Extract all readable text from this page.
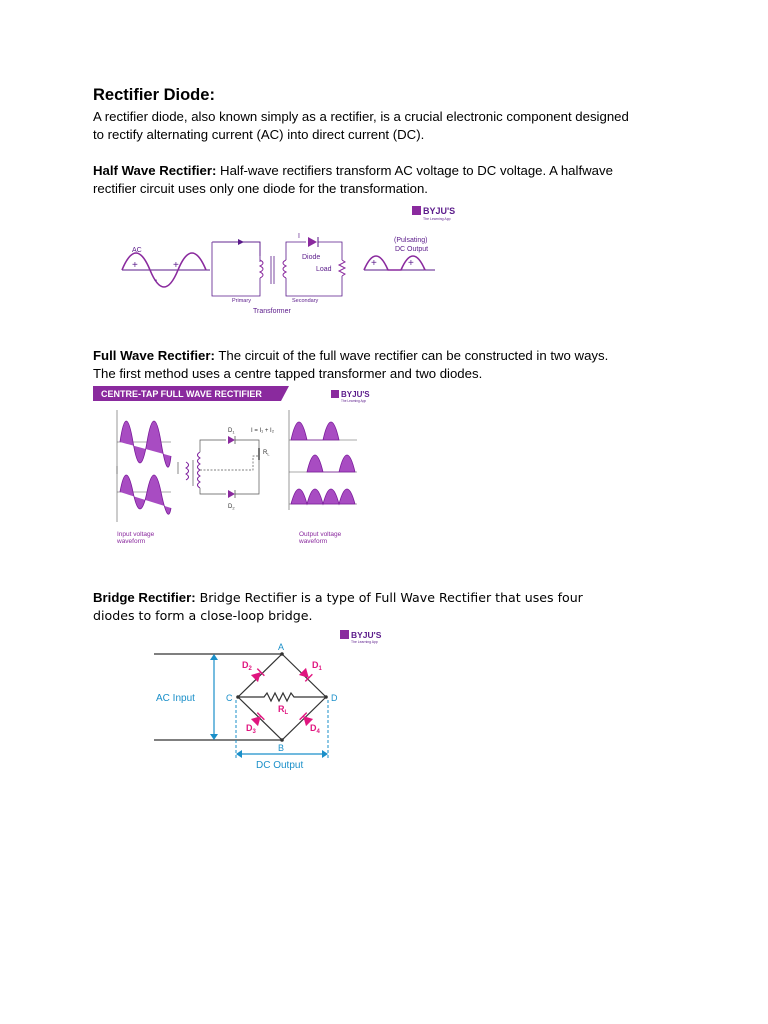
Rectifier Diode:
A rectifier diode, also known simply as a rectifier, is a crucial electronic component designed
to rectify alternating current (AC) into direct current (DC).
Half Wave Rectifier: Half-wave rectifiers transform AC voltage to DC voltage. A halfwave
rectifier circuit uses only one diode for the transformation.
BYJU'S
The Learning App
AC
+
-
+
I
Diode
Load
Primary	Secondary
Transformer
+	+
(Pulsating)
DC Output
Full Wave Rectifier: The circuit of the full wave rectifier can be constructed in two ways.
The first method uses a centre tapped transformer and two diodes.
CENTRE-TAP FULL WAVE RECTIFIER	BYJU'S
The Learning App
Input voltage
waveform
$D_1$
$D_2$
I = I₁ + I₂
$R_L$
Output voltage
waveform
Bridge Rectifier: Bridge Rectifier is a type of Full Wave Rectifier that uses four
diodes to form a close-loop bridge.
BYJU'S
The Learning App
AC Input
DC Output
A
B
C	D
$D_2$	$D_1$
$D_3$	$D_4$
$R_L$
